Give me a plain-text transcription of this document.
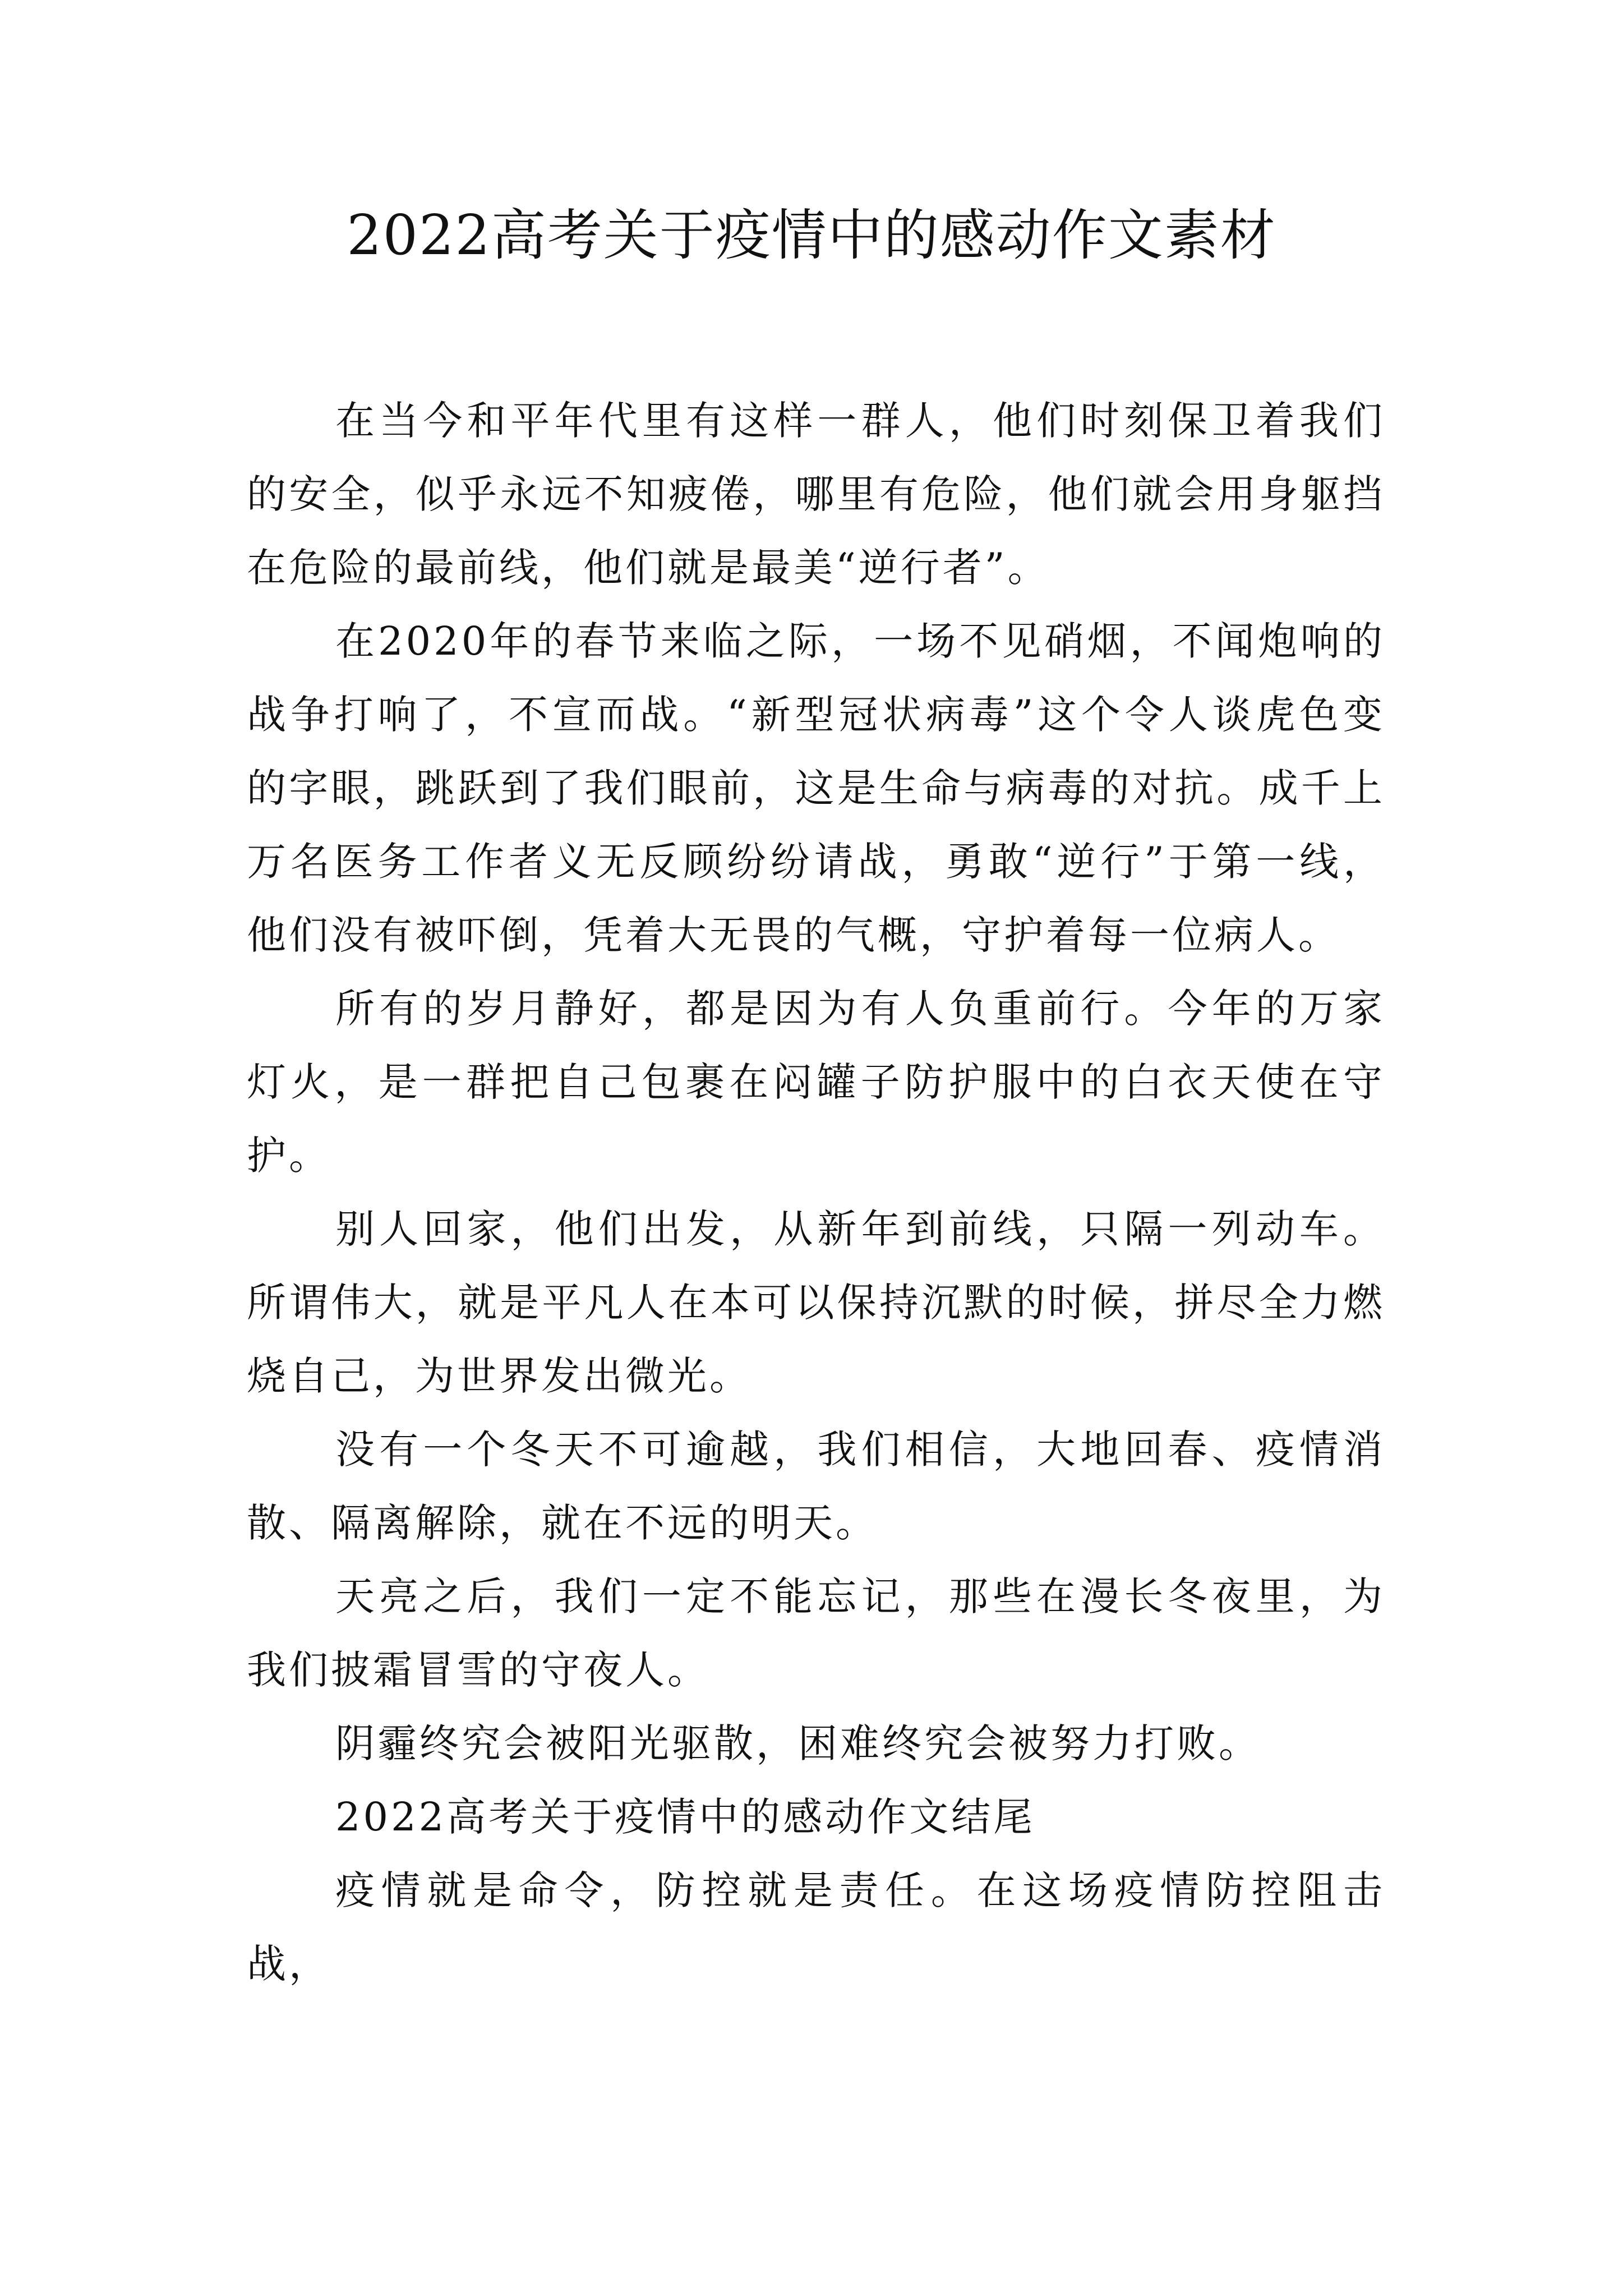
2022高考关于疫情中的感动作文素材

在当今和平年代里有这样一群人，他们时刻保卫着我们的安全，似乎永远不知疲倦，哪里有危险，他们就会用身躯挡在危险的最前线，他们就是最美“逆行者”。

在2020年的春节来临之际，一场不见硝烟，不闻炮响的战争打响了，不宣而战。“新型冠状病毒”这个令人谈虎色变的字眼，跳跃到了我们眼前，这是生命与病毒的对抗。成千上万名医务工作者义无反顾纷纷请战，勇敢“逆行”于第一线，他们没有被吓倒，凭着大无畏的气概，守护着每一位病人。

所有的岁月静好，都是因为有人负重前行。今年的万家灯火，是一群把自己包裹在闷罐子防护服中的白衣天使在守护。

别人回家，他们出发，从新年到前线，只隔一列动车。所谓伟大，就是平凡人在本可以保持沉默的时候，拼尽全力燃烧自己，为世界发出微光。

没有一个冬天不可逾越，我们相信，大地回春、疫情消散、隔离解除，就在不远的明天。

天亮之后，我们一定不能忘记，那些在漫长冬夜里，为我们披霜冒雪的守夜人。

阴霾终究会被阳光驱散，困难终究会被努力打败。

2022高考关于疫情中的感动作文结尾

疫情就是命令，防控就是责任。在这场疫情防控阻击战，
